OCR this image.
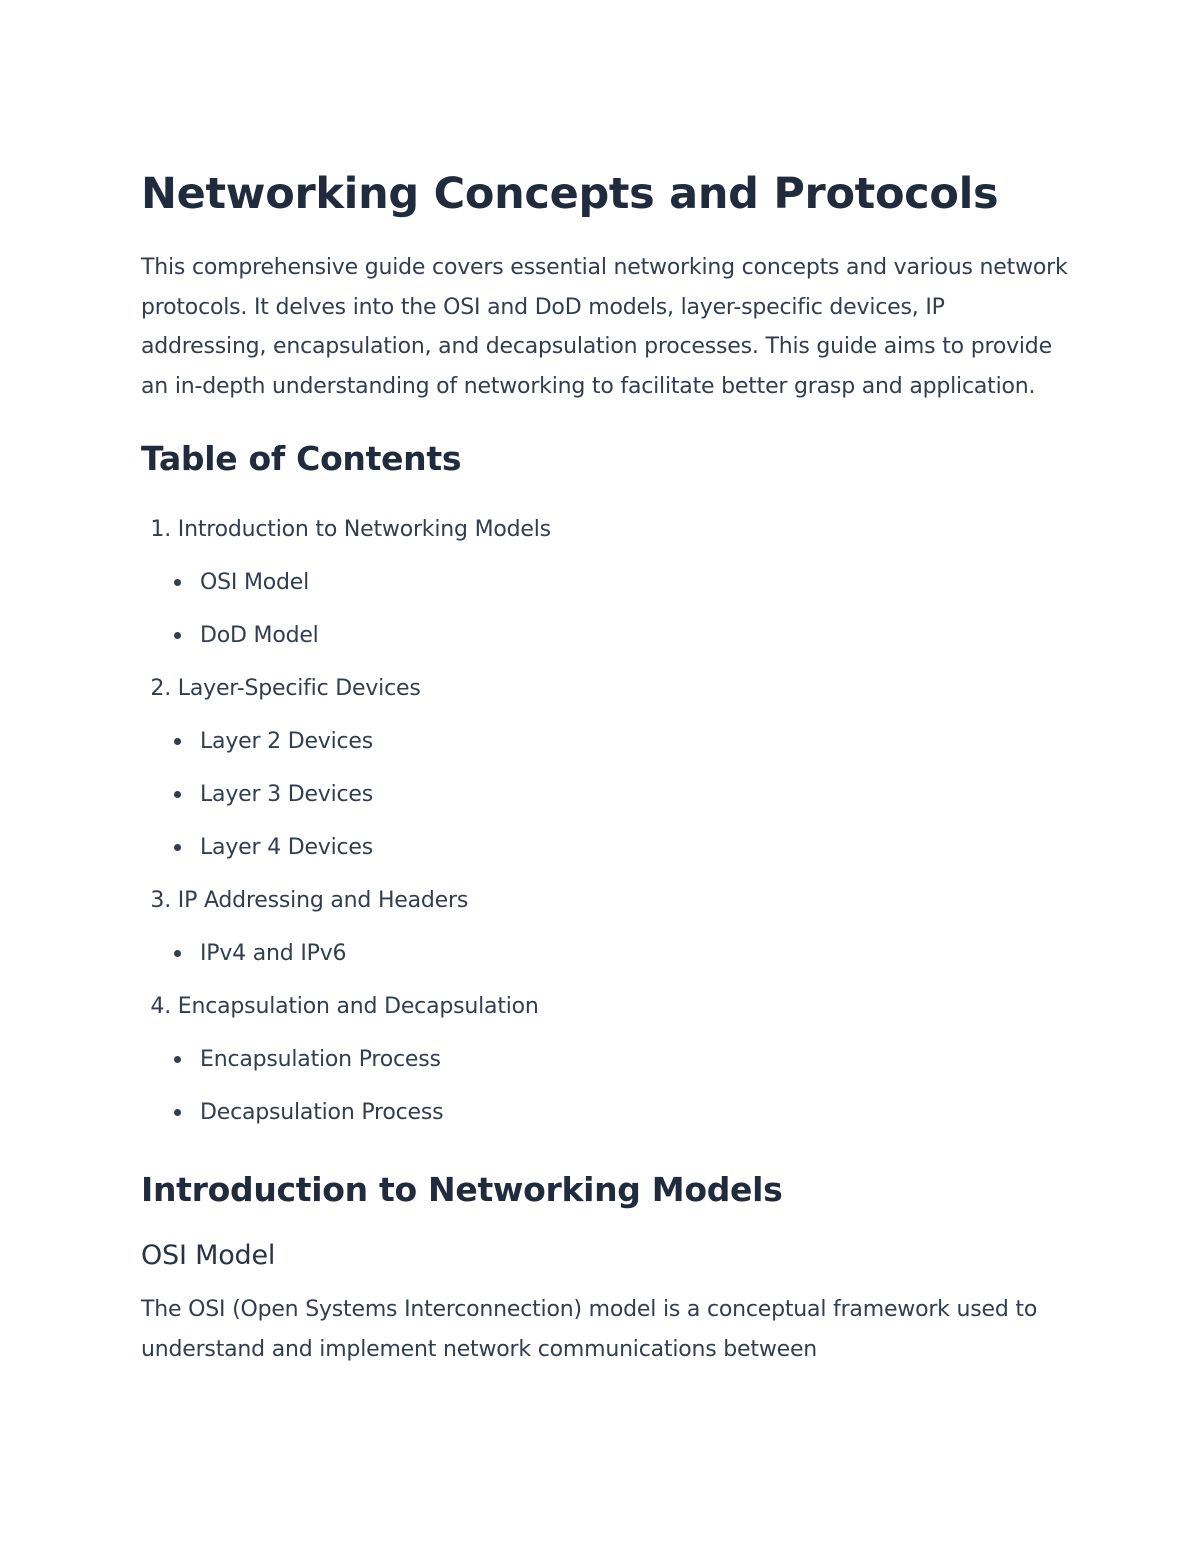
Networking Concepts and Protocols

This comprehensive guide covers essential networking concepts and various network protocols. It delves into the OSI and DoD models, layer-specific devices, IP addressing, encapsulation, and decapsulation processes. This guide aims to provide an in-depth understanding of networking to facilitate better grasp and application.

Table of Contents
1. Introduction to Networking Models
OSI Model
DoD Model
2. Layer-Specific Devices
Layer 2 Devices
Layer 3 Devices
Layer 4 Devices
3. IP Addressing and Headers
IPv4 and IPv6
4. Encapsulation and Decapsulation
Encapsulation Process
Decapsulation Process
Introduction to Networking Models
OSI Model

The OSI (Open Systems Interconnection) model is a conceptual framework used to understand and implement network communications between
